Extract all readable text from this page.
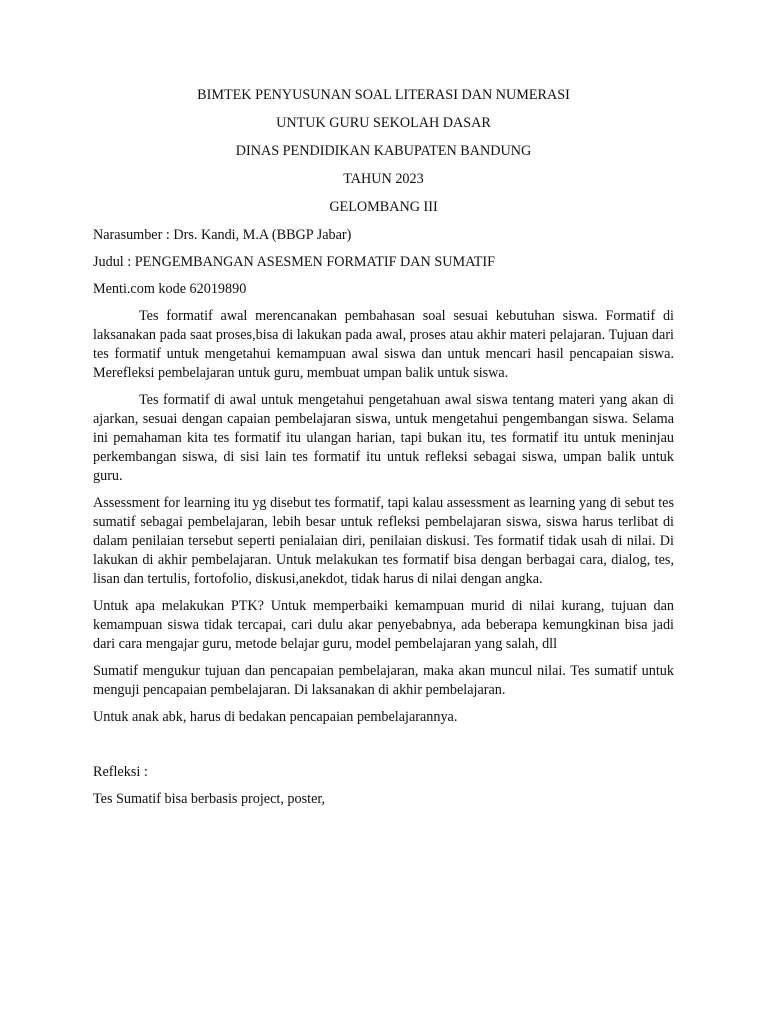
BIMTEK PENYUSUNAN SOAL LITERASI DAN NUMERASI

UNTUK GURU SEKOLAH DASAR

DINAS PENDIDIKAN KABUPATEN BANDUNG

TAHUN 2023

GELOMBANG III

Narasumber : Drs. Kandi, M.A (BBGP Jabar)

Judul : PENGEMBANGAN ASESMEN FORMATIF DAN SUMATIF

Menti.com kode 62019890

Tes formatif awal merencanakan pembahasan soal sesuai kebutuhan siswa. Formatif di laksanakan pada saat proses,bisa di lakukan pada awal, proses atau akhir materi pelajaran. Tujuan dari tes formatif untuk mengetahui kemampuan awal siswa dan untuk mencari hasil pencapaian siswa. Merefleksi pembelajaran untuk guru, membuat umpan balik untuk siswa.

Tes formatif di awal untuk mengetahui pengetahuan awal siswa tentang materi yang akan di ajarkan, sesuai dengan capaian pembelajaran siswa, untuk mengetahui pengembangan siswa. Selama ini pemahaman kita tes formatif itu ulangan harian, tapi bukan itu, tes formatif itu untuk meninjau perkembangan siswa, di sisi lain tes formatif itu untuk refleksi sebagai siswa, umpan balik untuk guru.

Assessment for learning itu yg disebut tes formatif, tapi kalau assessment as learning yang di sebut tes sumatif sebagai pembelajaran, lebih besar untuk refleksi pembelajaran siswa, siswa harus terlibat di dalam penilaian tersebut seperti penialaian diri, penilaian diskusi. Tes formatif tidak usah di nilai. Di lakukan di akhir pembelajaran. Untuk melakukan tes formatif bisa dengan berbagai cara, dialog, tes, lisan dan tertulis, fortofolio, diskusi,anekdot, tidak harus di nilai dengan angka.

Untuk apa melakukan PTK? Untuk memperbaiki kemampuan murid di nilai kurang, tujuan dan kemampuan siswa tidak tercapai, cari dulu akar penyebabnya, ada beberapa kemungkinan bisa jadi dari cara mengajar guru, metode belajar guru, model pembelajaran yang salah, dll

Sumatif mengukur tujuan dan pencapaian pembelajaran, maka akan muncul nilai. Tes sumatif untuk menguji pencapaian pembelajaran. Di laksanakan di akhir pembelajaran.

Untuk anak abk, harus di bedakan pencapaian pembelajarannya.

Refleksi :

Tes Sumatif bisa berbasis project, poster,
